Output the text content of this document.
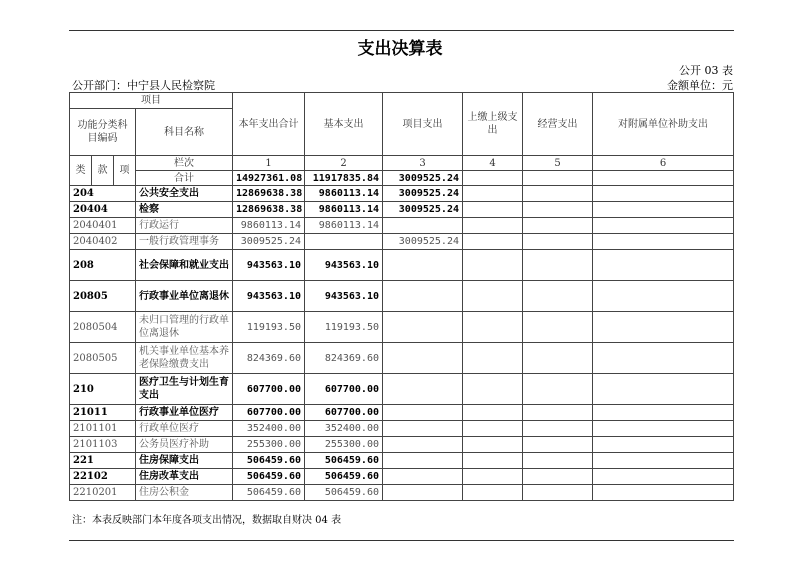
支出决算表
公开 03 表
公开部门：中宁县人民检察院	金额单位：元
项目				本年支出合计	基本支出	项目支出	上缴上级支出	经营支出	对附属单位补助支出
功能分类科目编码			科目名称						
类	款	项	栏次	1	2	3	4	5	6
			合计	14927361.08	11917835.84	3009525.24			
204			公共安全支出	12869638.38	9860113.14	3009525.24			
20404			检察	12869638.38	9860113.14	3009525.24			
2040401			行政运行	9860113.14	9860113.14				
2040402			一般行政管理事务	3009525.24		3009525.24			
208			社会保障和就业支出	943563.10	943563.10				
20805			行政事业单位离退休	943563.10	943563.10				
2080504			未归口管理的行政单位离退休	119193.50	119193.50				
2080505			机关事业单位基本养老保险缴费支出	824369.60	824369.60				
210			医疗卫生与计划生育支出	607700.00	607700.00				
21011			行政事业单位医疗	607700.00	607700.00				
2101101			行政单位医疗	352400.00	352400.00				
2101103			公务员医疗补助	255300.00	255300.00				
221			住房保障支出	506459.60	506459.60				
22102			住房改革支出	506459.60	506459.60				
2210201			住房公积金	506459.60	506459.60				
注：本表反映部门本年度各项支出情况，数据取自财决 04 表
